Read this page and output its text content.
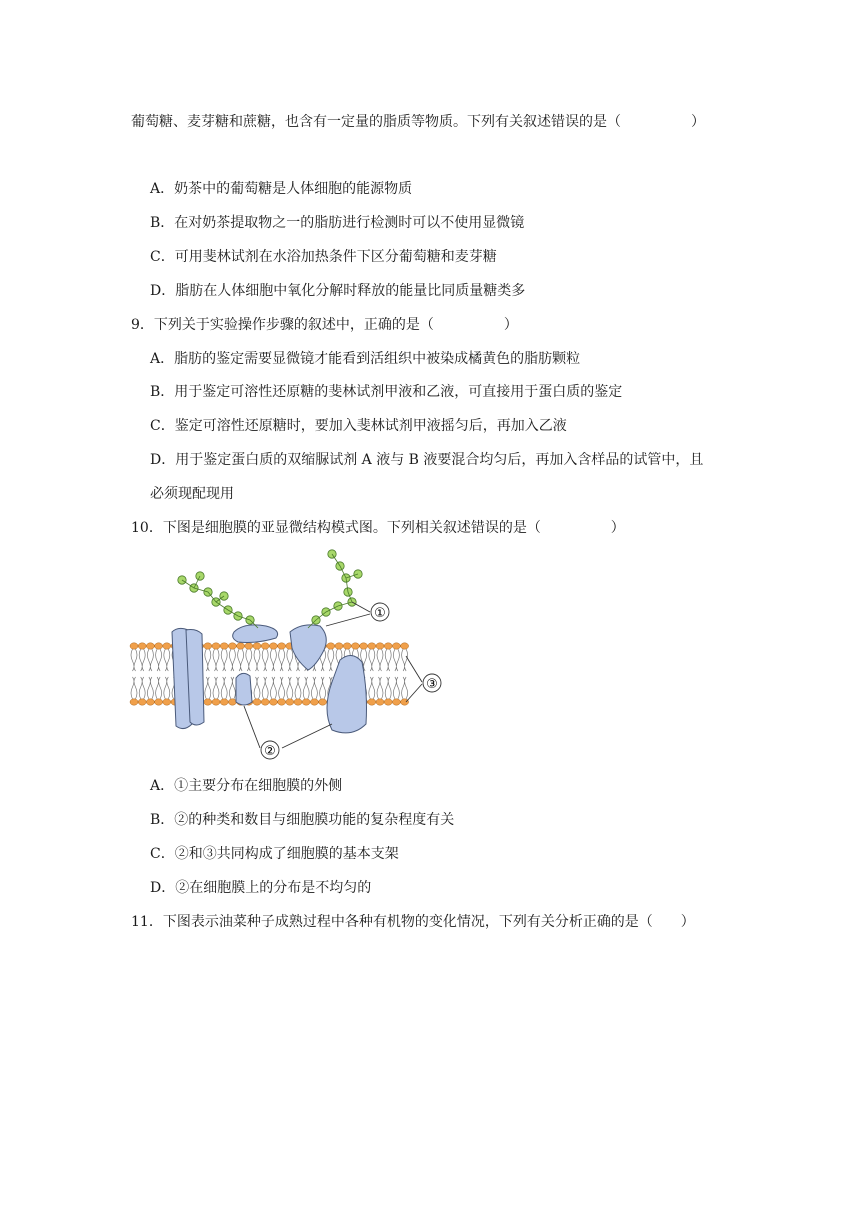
葡萄糖、麦芽糖和蔗糖，也含有一定量的脂质等物质。下列有关叙述错误的是（　　　　　）
A．奶茶中的葡萄糖是人体细胞的能源物质
B．在对奶茶提取物之一的脂肪进行检测时可以不使用显微镜
C．可用斐林试剂在水浴加热条件下区分葡萄糖和麦芽糖
D．脂肪在人体细胞中氧化分解时释放的能量比同质量糖类多
9．下列关于实验操作步骤的叙述中，正确的是（　　　　　）
A．脂肪的鉴定需要显微镜才能看到活组织中被染成橘黄色的脂肪颗粒
B．用于鉴定可溶性还原糖的斐林试剂甲液和乙液，可直接用于蛋白质的鉴定
C．鉴定可溶性还原糖时，要加入斐林试剂甲液摇匀后，再加入乙液
D．用于鉴定蛋白质的双缩脲试剂 A 液与 B 液要混合均匀后，再加入含样品的试管中，且
必须现配现用
10．下图是细胞膜的亚显微结构模式图。下列相关叙述错误的是（　　　　　）
①
②
③
A．①主要分布在细胞膜的外侧
B．②的种类和数目与细胞膜功能的复杂程度有关
C．②和③共同构成了细胞膜的基本支架
D．②在细胞膜上的分布是不均匀的
11．下图表示油菜种子成熟过程中各种有机物的变化情况，下列有关分析正确的是（　　）
